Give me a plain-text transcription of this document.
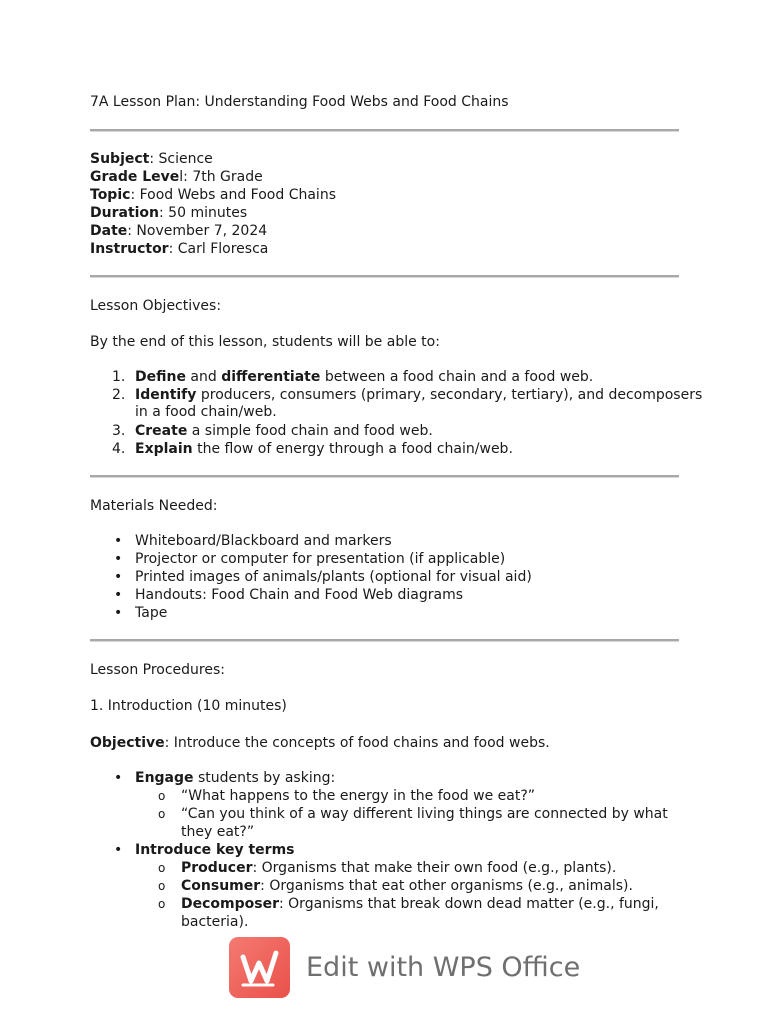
7A Lesson Plan: Understanding Food Webs and Food Chains
Subject: Science
Grade Level: 7th Grade
Topic: Food Webs and Food Chains
Duration: 50 minutes
Date: November 7, 2024
Instructor: Carl Floresca
Lesson Objectives:
By the end of this lesson, students will be able to:
1. Define and differentiate between a food chain and a food web.
2. Identify producers, consumers (primary, secondary, tertiary), and decomposers
in a food chain/web.
3. Create a simple food chain and food web.
4. Explain the flow of energy through a food chain/web.
Materials Needed:
• Whiteboard/Blackboard and markers
• Projector or computer for presentation (if applicable)
• Printed images of animals/plants (optional for visual aid)
• Handouts: Food Chain and Food Web diagrams
• Tape
Lesson Procedures:
1. Introduction (10 minutes)
Objective: Introduce the concepts of food chains and food webs.
• Engage students by asking:
o “What happens to the energy in the food we eat?”
o “Can you think of a way different living things are connected by what
they eat?”
• Introduce key terms
o Producer: Organisms that make their own food (e.g., plants).
o Consumer: Organisms that eat other organisms (e.g., animals).
o Decomposer: Organisms that break down dead matter (e.g., fungi,
bacteria).
Edit with WPS Office
